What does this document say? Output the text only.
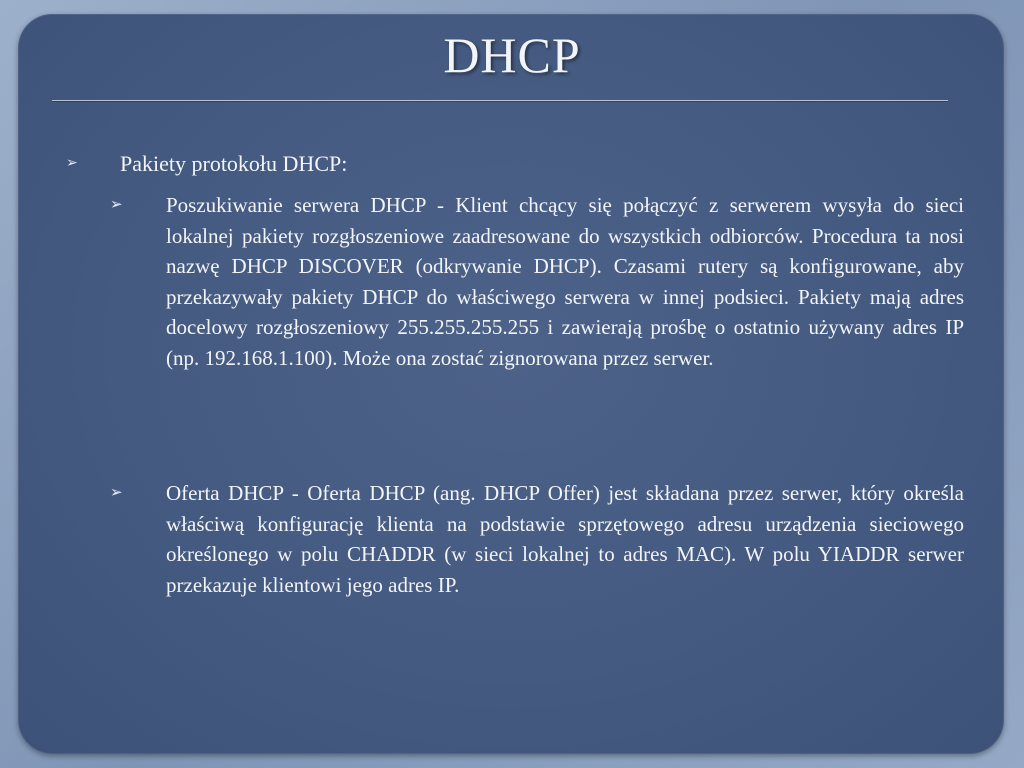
DHCP
➢ Pakiety protokołu DHCP:
➢ Poszukiwanie serwera DHCP - Klient chcący się połączyć z serwerem wysyła do sieci lokalnej pakiety rozgłoszeniowe zaadresowane do wszystkich odbiorców. Procedura ta nosi nazwę DHCP DISCOVER (odkrywanie DHCP). Czasami rutery są konfigurowane, aby przekazywały pakiety DHCP do właściwego serwera w innej podsieci. Pakiety mają adres docelowy rozgłoszeniowy 255.255.255.255 i zawierają prośbę o ostatnio używany adres IP (np. 192.168.1.100). Może ona zostać zignorowana przez serwer.

➢ Oferta DHCP - Oferta DHCP (ang. DHCP Offer) jest składana przez serwer, który określa właściwą konfigurację klienta na podstawie sprzętowego adresu urządzenia sieciowego określonego w polu CHADDR (w sieci lokalnej to adres MAC). W polu YIADDR serwer przekazuje klientowi jego adres IP.
